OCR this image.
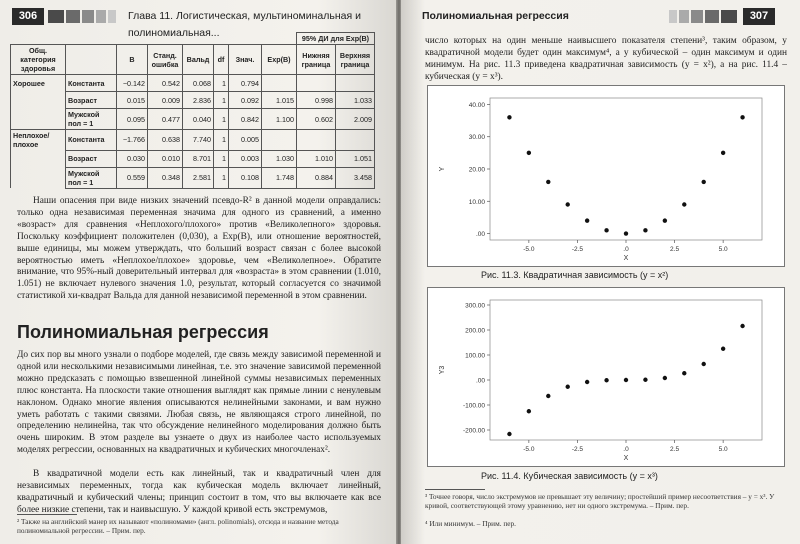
306	Глава 11. Логистическая, мультиноминальная и полиномиальная...
								95% ДИ для Exp(B)	
Общ. категория здоровья		B	Станд. ошибка	Вальд	df	Знач.	Exp(B)	Нижняя граница	Верхняя граница
Хорошее	Константа	−0.142	0.542	0.068	1	0.794			
	Возраст	0.015	0.009	2.836	1	0.092	1.015	0.998	1.033
	Мужской пол = 1	0.095	0.477	0.040	1	0.842	1.100	0.602	2.009
Неплохое/ плохое	Константа	−1.766	0.638	7.740	1	0.005			
	Возраст	0.030	0.010	8.701	1	0.003	1.030	1.010	1.051
	Мужской пол = 1	0.559	0.348	2.581	1	0.108	1.748	0.884	3.458
Наши опасения при виде низких значений псевдо-R² в данной модели оправдались: только одна независимая переменная значима для одного из сравнений, а именно «возраст» для сравнения «Неплохого/плохого» против «Великолепного» здоровья. Поскольку коэффициент положителен (0,030), а Exp(B), или отношение вероятностей, выше единицы, мы можем утверждать, что больший возраст связан с более высокой вероятностью иметь «Неплохое/плохое» здоровье, чем «Великолепное». Обратите внимание, что 95%-ный доверительный интервал для «возраста» в этом сравнении (1.010, 1.051) не включает нулевого значения 1.0, результат, который согласуется со значимой статистикой хи-квадрат Вальда для данной независимой переменной в этом сравнении.
Полиномиальная регрессия
До сих пор вы много узнали о подборе моделей, где связь между зависимой переменной и одной или несколькими независимыми линейная, т.е. это значение зависимой переменной можно предсказать с помощью взвешенной линейной суммы независимых переменных плюс константа. На плоскости такие отношения выглядят как прямые линии с ненулевым наклоном. Однако многие явления описываются нелинейными законами, и вам нужно уметь работать с такими связями. Любая связь, не являющаяся строго линейной, по определению нелинейна, так что обсуждение нелинейного моделирования должно быть очень широким. В этом разделе вы узнаете о двух из наиболее часто используемых моделях регрессии, основанных на квадратичных и кубических многочленах².
В квадратичной модели есть как линейный, так и квадратичный член для независимых переменных, тогда как кубическая модель включает линейный, квадратичный и кубический члены; принцип состоит в том, что вы включаете как все более низкие степени, так и наивысшую. У каждой кривой есть экстремумов,
² Также на английский манер их называют «полиномами» (англ. polinomials), отсюда и название метода полиномиальной регрессии. – Прим. пер.
Полиномиальная регрессия	307
число которых на один меньше наивысшего показателя степени³, таким образом, у квадратичной модели будет один максимум⁴, а у кубической – один максимум и один минимум. На рис. 11.3 приведена квадратичная зависимость (y = x²), а на рис. 11.4 – кубическая (y = x³).
.00
10.00
20.00
30.00
40.00
-5.0	-2.5	.0	2.5	5.0
X
Y
Рис. 11.3. Квадратичная зависимость (y = x²)
-200.00
-100.00
.00
100.00
200.00
300.00
-5.0	-2.5	.0	2.5	5.0
X
Y3
Рис. 11.4. Кубическая зависимость (y = x³)
³ Точнее говоря, число экстремумов не превышает эту величину; простейший пример несоответствия – y = x³. У кривой, соответствующей этому уравнению, нет ни одного экстремума. – Прим. пер.
⁴ Или минимум. – Прим. пер.
